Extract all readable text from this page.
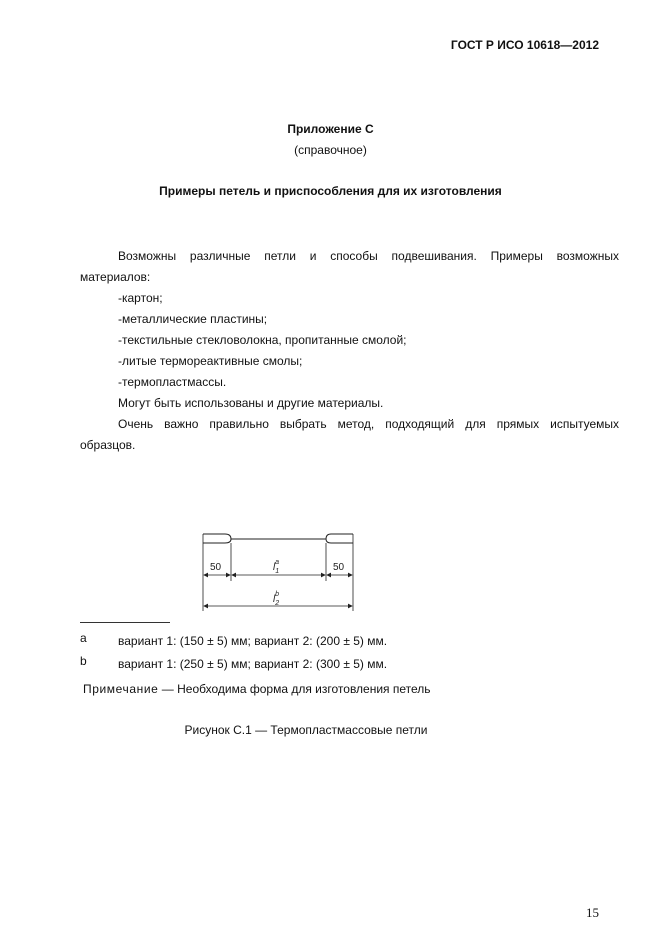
ГОСТ Р ИСО 10618—2012
Приложение С
(справочное)
Примеры петель и приспособления для их изготовления
Возможны различные петли и способы подвешивания. Примеры возможных
материалов:
-картон;
-металлические пластины;
-текстильные стекловолокна, пропитанные смолой;
-литые термореактивные смолы;
-термопластмассы.
Могут быть использованы и другие материалы.
Очень важно правильно выбрать метод, подходящий для прямых испытуемых
образцов.
50	50
$l_1a$
$l_2b$
a	вариант 1: (150 ± 5) мм; вариант 2: (200 ± 5) мм.
b	вариант 1: (250 ± 5) мм; вариант 2: (300 ± 5) мм.
Примечание — Необходима форма для изготовления петель
Рисунок С.1 — Термопластмассовые петли
15
